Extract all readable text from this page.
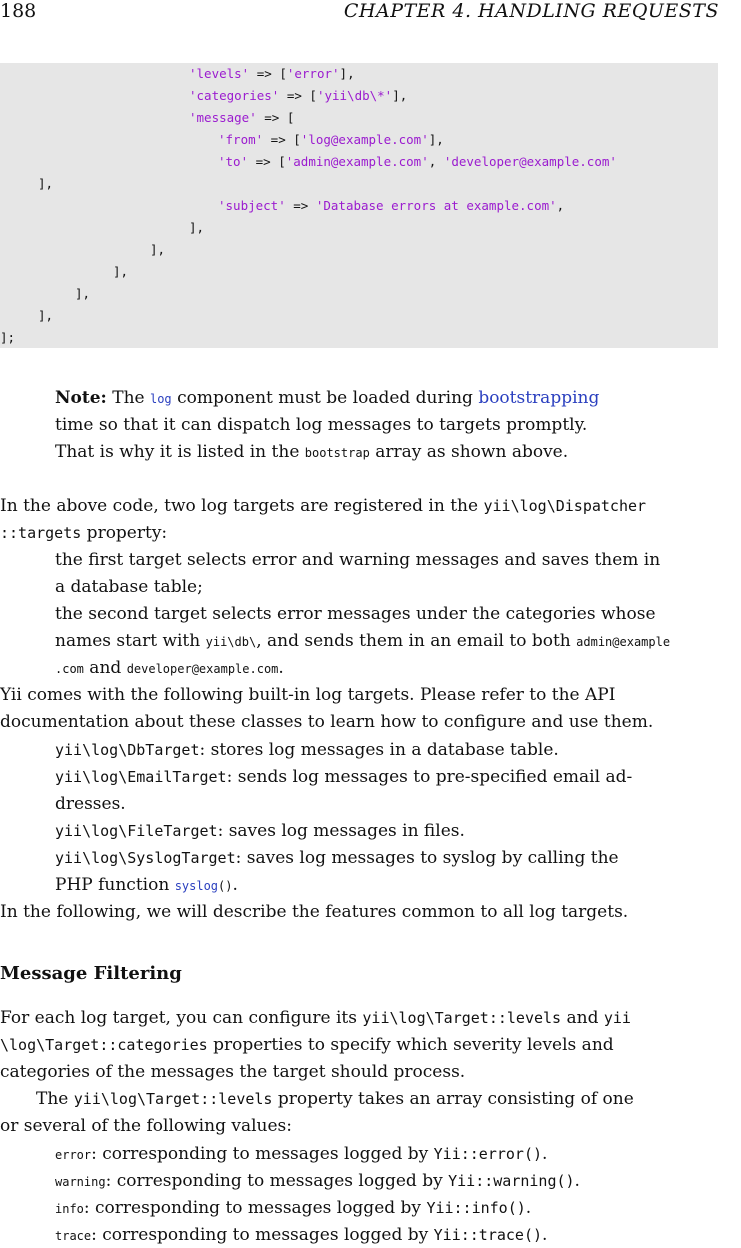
188	CHAPTER 4. HANDLING REQUESTS
'levels' => ['error'],
'categories' => ['yii\db\*'],
'message' => [
'from' => ['log@example.com'],
'to' => ['admin@example.com', 'developer@example.com'
],
'subject' => 'Database errors at example.com',
],
],
],
],
],
];
Note: The log component must be loaded during bootstrapping
time so that it can dispatch log messages to targets promptly.
That is why it is listed in the bootstrap array as shown above.
In the above code, two log targets are registered in the yii\log\Dispatcher
::targets property:
the first target selects error and warning messages and saves them in
a database table;
the second target selects error messages under the categories whose
names start with yii\db\, and sends them in an email to both admin@example
.com and developer@example.com.
Yii comes with the following built-in log targets. Please refer to the API
documentation about these classes to learn how to configure and use them.
yii\log\DbTarget: stores log messages in a database table.
yii\log\EmailTarget: sends log messages to pre-specified email ad-
dresses.
yii\log\FileTarget: saves log messages in files.
yii\log\SyslogTarget: saves log messages to syslog by calling the
PHP function syslog().
In the following, we will describe the features common to all log targets.
Message Filtering
For each log target, you can configure its yii\log\Target::levels and yii
\log\Target::categories properties to specify which severity levels and
categories of the messages the target should process.
The yii\log\Target::levels property takes an array consisting of one
or several of the following values:
error: corresponding to messages logged by Yii::error().
warning: corresponding to messages logged by Yii::warning().
info: corresponding to messages logged by Yii::info().
trace: corresponding to messages logged by Yii::trace().
